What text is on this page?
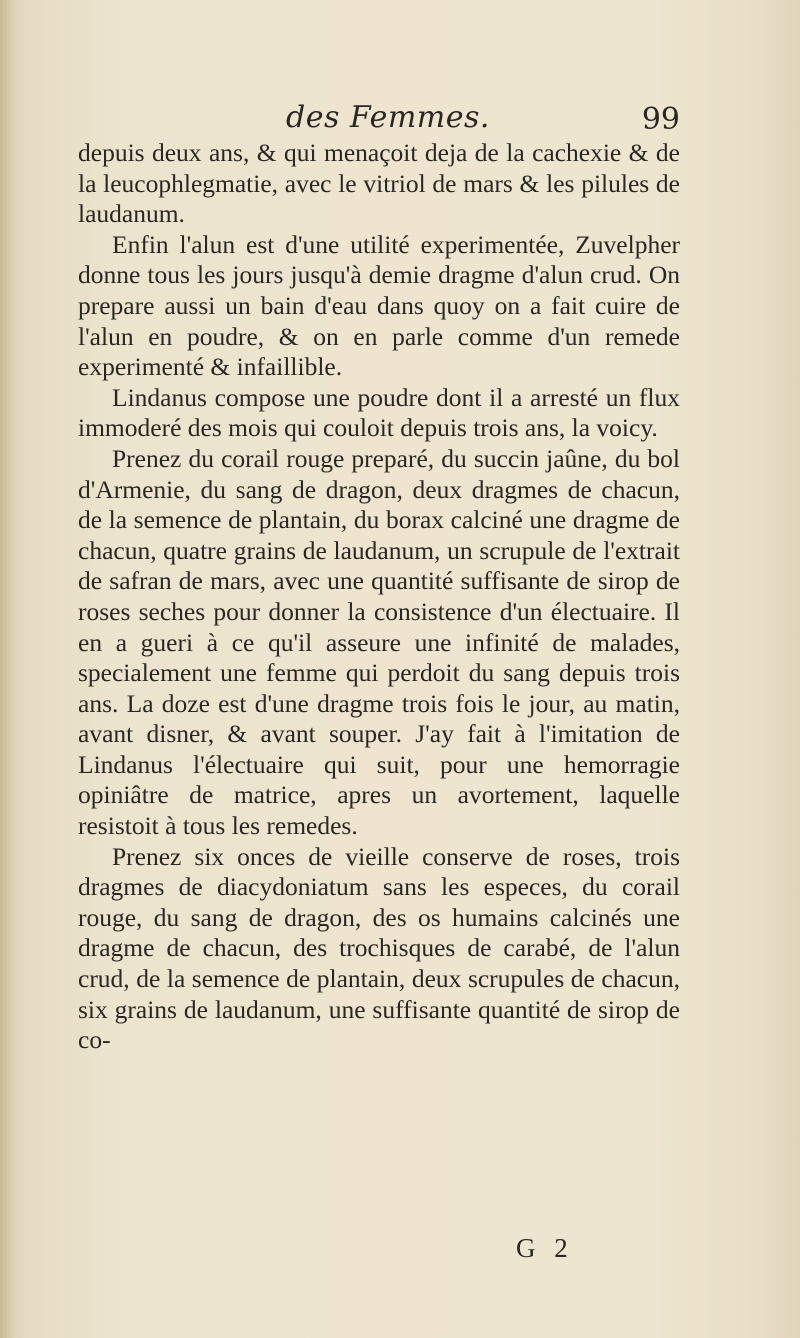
des Femmes.	99

depuis deux ans, & qui menaçoit deja de la cachexie & de la leucophlegmatie, avec le vitriol de mars & les pilules de laudanum.

Enfin l'alun est d'une utilité experimentée, Zuvelpher donne tous les jours jusqu'à demie dragme d'alun crud. On prepare aussi un bain d'eau dans quoy on a fait cuire de l'alun en poudre, & on en parle comme d'un remede experimenté & infaillible.

Lindanus compose une poudre dont il a arresté un flux immoderé des mois qui couloit depuis trois ans, la voicy.

Prenez du corail rouge preparé, du succin jaûne, du bol d'Armenie, du sang de dragon, deux dragmes de chacun, de la semence de plantain, du borax calciné une dragme de chacun, quatre grains de laudanum, un scrupule de l'extrait de safran de mars, avec une quantité suffisante de sirop de roses seches pour donner la consistence d'un électuaire. Il en a gueri à ce qu'il asseure une infinité de malades, specialement une femme qui perdoit du sang depuis trois ans. La doze est d'une dragme trois fois le jour, au matin, avant disner, & avant souper. J'ay fait à l'imitation de Lindanus l'électuaire qui suit, pour une hemorragie opiniâtre de matrice, apres un avortement, laquelle resistoit à tous les remedes.

Prenez six onces de vieille conserve de roses, trois dragmes de diacydoniatum sans les especes, du corail rouge, du sang de dragon, des os humains calcinés une dragme de chacun, des trochisques de carabé, de l'alun crud, de la semence de plantain, deux scrupules de chacun, six grains de laudanum, une suffisante quantité de sirop de co-

G 2
